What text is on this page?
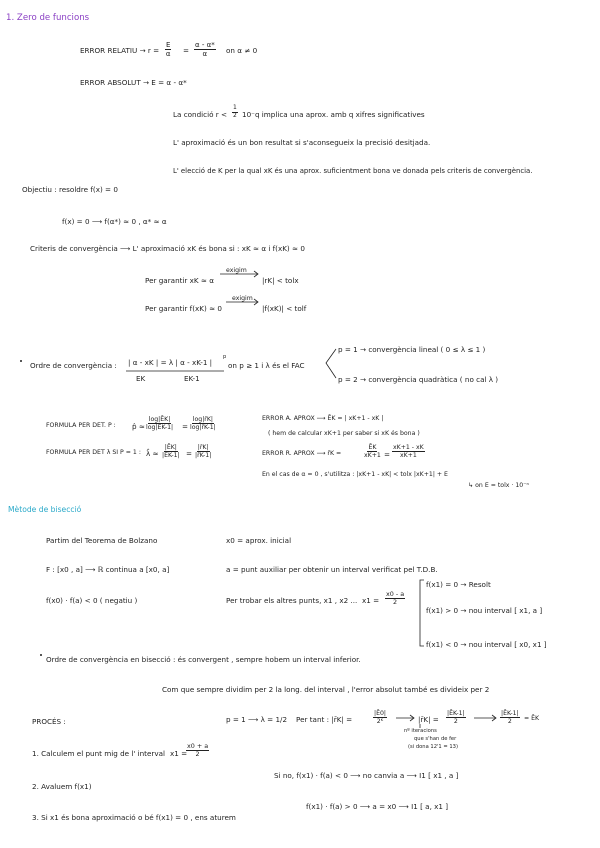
1. Zero de funcions
ERROR RELATIU → $r = \frac{E}{\alpha} = \frac{\alpha - \alpha*}{\alpha}$ on α ≠ 0
ERROR ABSOLUT → E = α - α*
La condició $r < \frac{1}{2} 10^-q$ implica una aprox. amb q xifres significatives
L' aproximació és un bon resultat si s'aconsegueix la precisió desitjada.
L' elecció de K per la qual xK és una aprox. suficientment bona ve donada pels criteris de convergència.
Objectiu : resoldre f(x) = 0
f(x) = 0 ⟶ f(α*) ≈ 0 , α* ≈ α
Criteris de convergència ⟶ L' aproximació xK és bona si : xK ≈ α i f(xK) ≈ 0
Per garantir xK ≈ α
exigim
|rK| < tolx
Per garantir f(xK) ≈ 0
exigim
|f(xK)| < tolf
Ordre de convergència : | α - xK | = λ | α - xK-1 |
p
EK	EK-1
on p ≥ 1 i λ és el FAC
p = 1 → convergència lineal ( 0 ≤ λ ≤ 1 )
p = 2 → convergència quadràtica ( no cal λ )
FORMULA PER DET. P : p̂ ≈ $\frac{\log|ĒK|}{\log|ĒK-1|} = \frac{\log|r̄K|}{\log|r̄K-1|}$
FORMULA PER DET λ SI P = 1 : λ̂ ≈ $\frac{|ĒK|}{|ĒK-1|} = \frac{|r̄K|}{|r̄K-1|}$
ERROR A. APROX ⟶ ĒK = | xK+1 - xK |
( hem de calcular xK+1 per saber si xK és bona )
ERROR R. APROX ⟶ r̄K =	$\frac{ĒK}{xK+1} = \frac{xK+1 - xK}{xK+1}$
En el cas de α = 0 , s'utilitza : |xK+1 - xK| < tolx |xK+1| + E
↳ on E = tolx · 10⁻ⁿ
Mètode de bisecció
Partim del Teorema de Bolzano	x0 = aprox. inicial
F : [x0 , a] ⟶ ℝ continua a [x0, a]	a = punt auxiliar per obtenir un interval verificat pel T.D.B.
f(x0) · f(a) < 0 ( negatiu )	Per trobar els altres punts, x1 , x2 ... $x1 = \frac{x0 - a}{2}$
f(x1) = 0 → Resolt
f(x1) > 0 → nou interval [ x1, a ]
f(x1) < 0 → nou interval [ x0, x1 ]
Ordre de convergència en bisecció : és convergent , sempre hobem un interval inferior.
Com que sempre dividim per 2 la long. del interval , l'error absolut també es divideix per 2
PROCÉS :	p = 1 ⟶ λ = 1/2 Per tant : |r̄K| =	$\frac{|Ē0|}{\text{2ᴷ}}$	|r̄K| = $\frac{|ĒK-1|}{2}$	$\frac{|ĒK-1|}{2}$ = ĒK
nº iteracions
que s'han de fer
(si dona 12'1 = 13)
1. Calculem el punt mig de l' interval x1 =
$\frac{x0 + a}{2}$
Si no, f(x1) · f(a) < 0 ⟶ no canvia a ⟶ I1 [ x1 , a ]
2. Avaluem f(x1)
f(x1) · f(a) > 0 ⟶ a = x0 ⟶ I1 [ a, x1 ]
3. Si x1 és bona aproximació o bé f(x1) = 0 , ens aturem
